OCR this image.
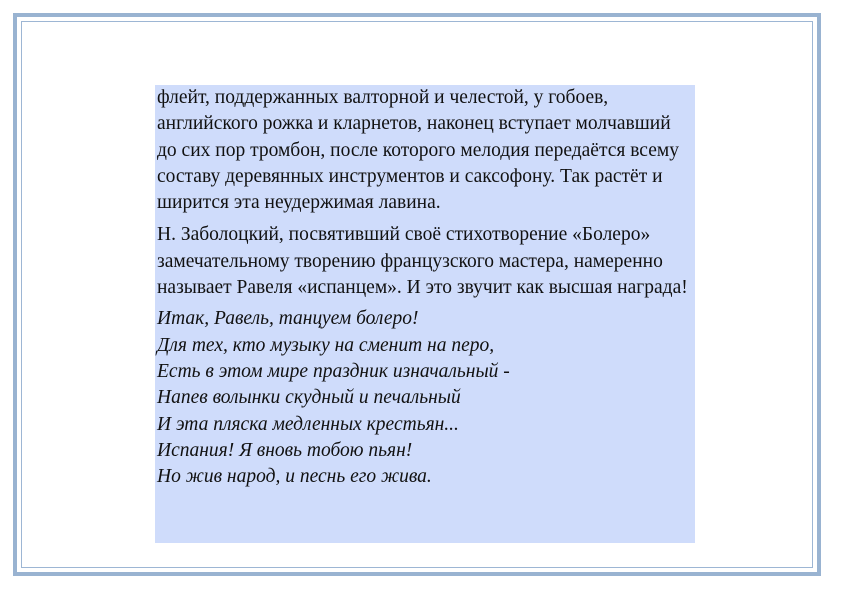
флейт, поддержанных валторной и челестой, у гобоев, английского рожка и кларнетов, наконец вступает молчавший до сих пор тромбон, после которого мелодия передаётся всему составу деревянных инструментов и саксофону. Так растёт и ширится эта неудержимая лавина.

Н. Заболоцкий, посвятивший своё стихотворение «Болеро» замечательному творению французского мастера, намеренно называет Равеля «испанцем». И это звучит как высшая награда!

Итак, Равель, танцуем болеро!
Для тех, кто музыку на сменит на перо,
Есть в этом мире праздник изначальный -
Напев волынки скудный и печальный
И эта пляска медленных крестьян...
Испания! Я вновь тобою пьян!
Но жив народ, и песнь его жива.
